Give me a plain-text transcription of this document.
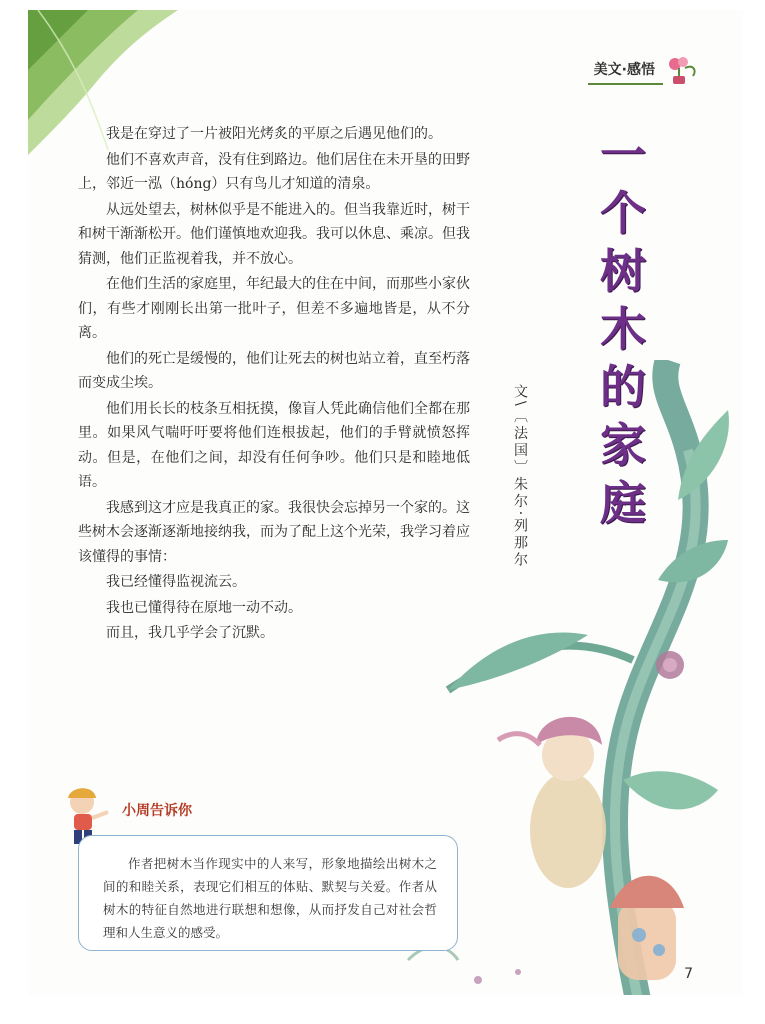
美文·感悟
一
个
树
木
的
家
庭
文\〔法国〕朱尔·列那尔

我是在穿过了一片被阳光烤炙的平原之后遇见他们的。

他们不喜欢声音，没有住到路边。他们居住在未开垦的田野上，邻近一泓（hóng）只有鸟儿才知道的清泉。

从远处望去，树林似乎是不能进入的。但当我靠近时，树干和树干渐渐松开。他们谨慎地欢迎我。我可以休息、乘凉。但我猜测，他们正监视着我，并不放心。

在他们生活的家庭里，年纪最大的住在中间，而那些小家伙们，有些才刚刚长出第一批叶子，但差不多遍地皆是，从不分离。

他们的死亡是缓慢的，他们让死去的树也站立着，直至朽落而变成尘埃。

他们用长长的枝条互相抚摸，像盲人凭此确信他们全都在那里。如果风气喘吁吁要将他们连根拔起，他们的手臂就愤怒挥动。但是，在他们之间，却没有任何争吵。他们只是和睦地低语。

我感到这才应是我真正的家。我很快会忘掉另一个家的。这些树木会逐渐逐渐地接纳我，而为了配上这个光荣，我学习着应该懂得的事情：

我已经懂得监视流云。

我也已懂得待在原地一动不动。

而且，我几乎学会了沉默。

小周告诉你

作者把树木当作现实中的人来写，形象地描绘出树木之间的和睦关系，表现它们相互的体贴、默契与关爱。作者从树木的特征自然地进行联想和想像，从而抒发自己对社会哲理和人生意义的感受。

7
